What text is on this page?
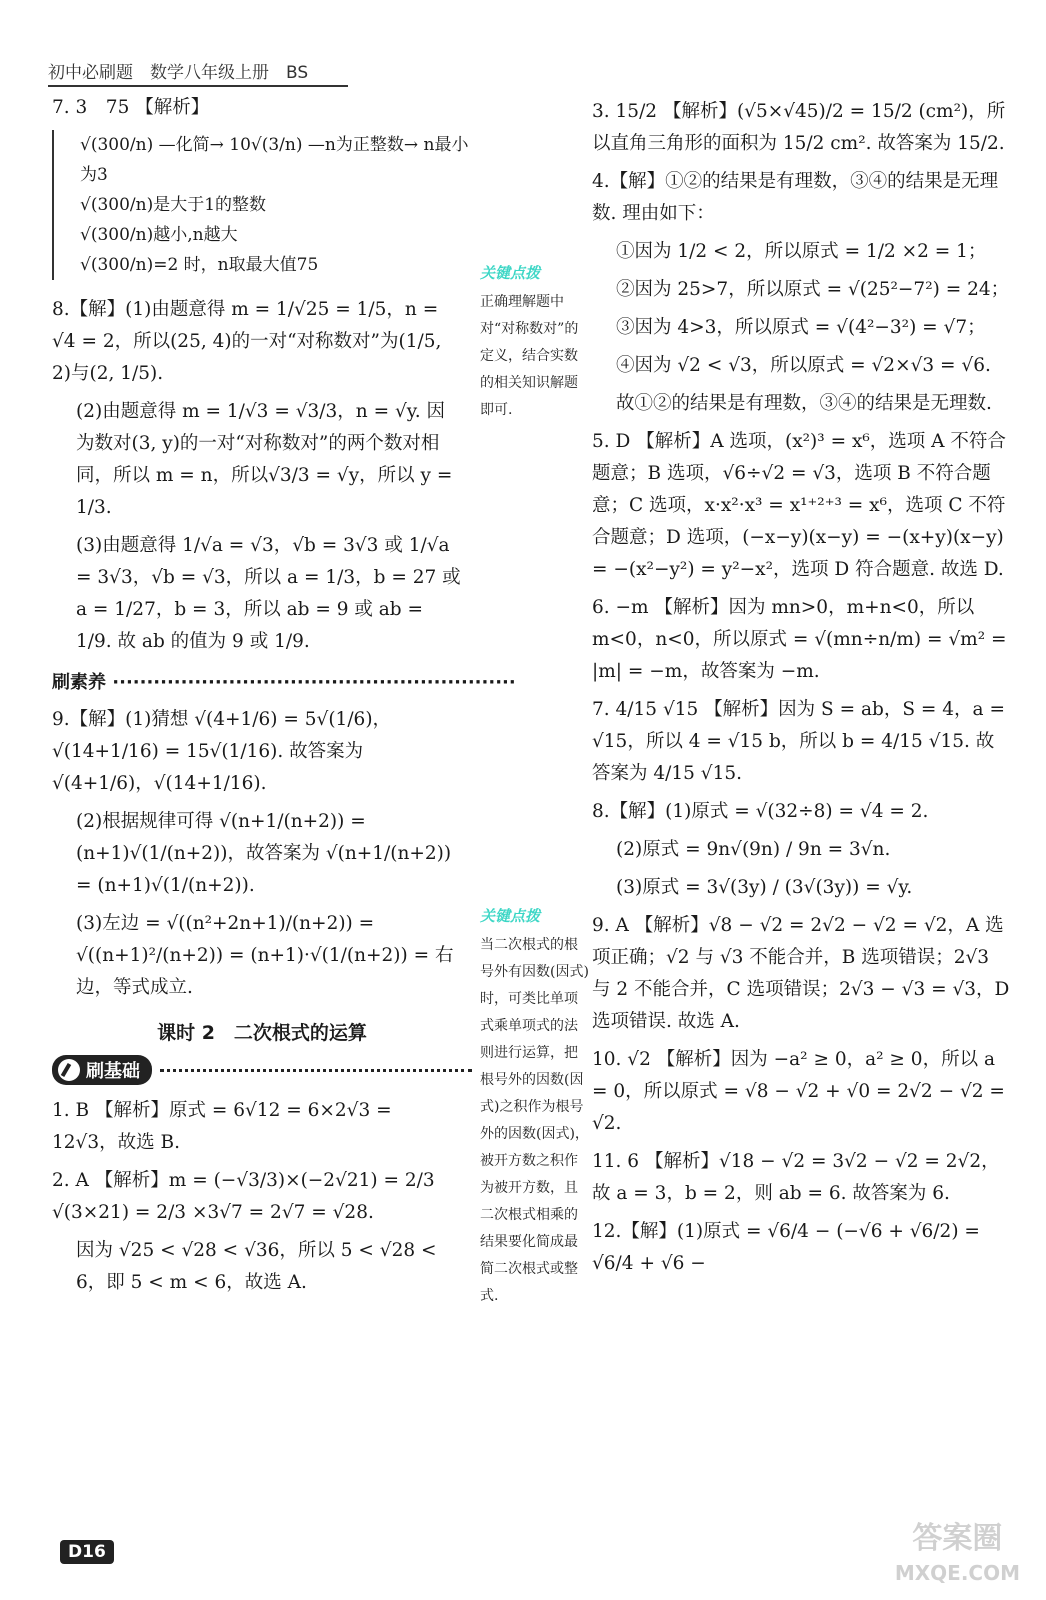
初中必刷题　数学八年级上册　BS

7. 3　75 【解析】

√(300/n) —化简→ 10√(3/n) —n为正整数→ n最小为3
√(300/n)是大于1的整数
√(300/n)越小,n越大
√(300/n)=2 时，n取最大值75

8.【解】(1)由题意得 m = 1/√25 = 1/5，n = √4 = 2，所以(25, 4)的一对“对称数对”为(1/5, 2)与(2, 1/5).

(2)由题意得 m = 1/√3 = √3/3，n = √y. 因为数对(3, y)的一对“对称数对”的两个数对相同，所以 m = n，所以√3/3 = √y，所以 y = 1/3.

(3)由题意得 1/√a = √3，√b = 3√3 或 1/√a = 3√3，√b = √3，所以 a = 1/3，b = 27 或 a = 1/27，b = 3，所以 ab = 9 或 ab = 1/9. 故 ab 的值为 9 或 1/9.

刷素养 ···························································

9.【解】(1)猜想 √(4+1/6) = 5√(1/6)，√(14+1/16) = 15√(1/16). 故答案为 √(4+1/6)，√(14+1/16).

(2)根据规律可得 √(n+1/(n+2)) = (n+1)√(1/(n+2))，故答案为 √(n+1/(n+2)) = (n+1)√(1/(n+2)).

(3)左边 = √((n²+2n+1)/(n+2)) = √((n+1)²/(n+2)) = (n+1)·√(1/(n+2)) = 右边，等式成立.

课时 2　二次根式的运算
刷基础

1. B 【解析】原式 = 6√12 = 6×2√3 = 12√3，故选 B.

2. A 【解析】m = (−√3/3)×(−2√21) = 2/3 √(3×21) = 2/3 ×3√7 = 2√7 = √28.

因为 √25 < √28 < √36，所以 5 < √28 < 6，即 5 < m < 6，故选 A.

关键点拨
正确理解题中对“对称数对”的定义，结合实数的相关知识解题即可.
关键点拨
当二次根式的根号外有因数(因式)时，可类比单项式乘单项式的法则进行运算，把根号外的因数(因式)之积作为根号外的因数(因式)，被开方数之积作为被开方数，且二次根式相乘的结果要化简成最简二次根式或整式.

3. 15/2 【解析】(√5×√45)/2 = 15/2 (cm²)，所以直角三角形的面积为 15/2 cm². 故答案为 15/2.

4.【解】①②的结果是有理数，③④的结果是无理数. 理由如下：

①因为 1/2 < 2，所以原式 = 1/2 ×2 = 1；

②因为 25>7，所以原式 = √(25²−7²) = 24；

③因为 4>3，所以原式 = √(4²−3²) = √7；

④因为 √2 < √3，所以原式 = √2×√3 = √6.

故①②的结果是有理数，③④的结果是无理数.

5. D 【解析】A 选项，(x²)³ = x⁶，选项 A 不符合题意；B 选项，√6÷√2 = √3，选项 B 不符合题意；C 选项，x·x²·x³ = x¹⁺²⁺³ = x⁶，选项 C 不符合题意；D 选项，(−x−y)(x−y) = −(x+y)(x−y) = −(x²−y²) = y²−x²，选项 D 符合题意. 故选 D.

6. −m 【解析】因为 mn>0，m+n<0，所以 m<0，n<0，所以原式 = √(mn÷n/m) = √m² = |m| = −m，故答案为 −m.

7. 4/15 √15 【解析】因为 S = ab，S = 4，a = √15，所以 4 = √15 b，所以 b = 4/15 √15. 故答案为 4/15 √15.

8.【解】(1)原式 = √(32÷8) = √4 = 2.

(2)原式 = 9n√(9n) / 9n = 3√n.

(3)原式 = 3√(3y) / (3√(3y)) = √y.

9. A 【解析】√8 − √2 = 2√2 − √2 = √2，A 选项正确；√2 与 √3 不能合并，B 选项错误；2√3 与 2 不能合并，C 选项错误；2√3 − √3 = √3，D 选项错误. 故选 A.

10. √2 【解析】因为 −a² ≥ 0，a² ≥ 0，所以 a = 0，所以原式 = √8 − √2 + √0 = 2√2 − √2 = √2.

11. 6 【解析】√18 − √2 = 3√2 − √2 = 2√2，故 a = 3，b = 2，则 ab = 6. 故答案为 6.

12.【解】(1)原式 = √6/4 − (−√6 + √6/2) = √6/4 + √6 −

D16	答案圈
MXQE.COM
